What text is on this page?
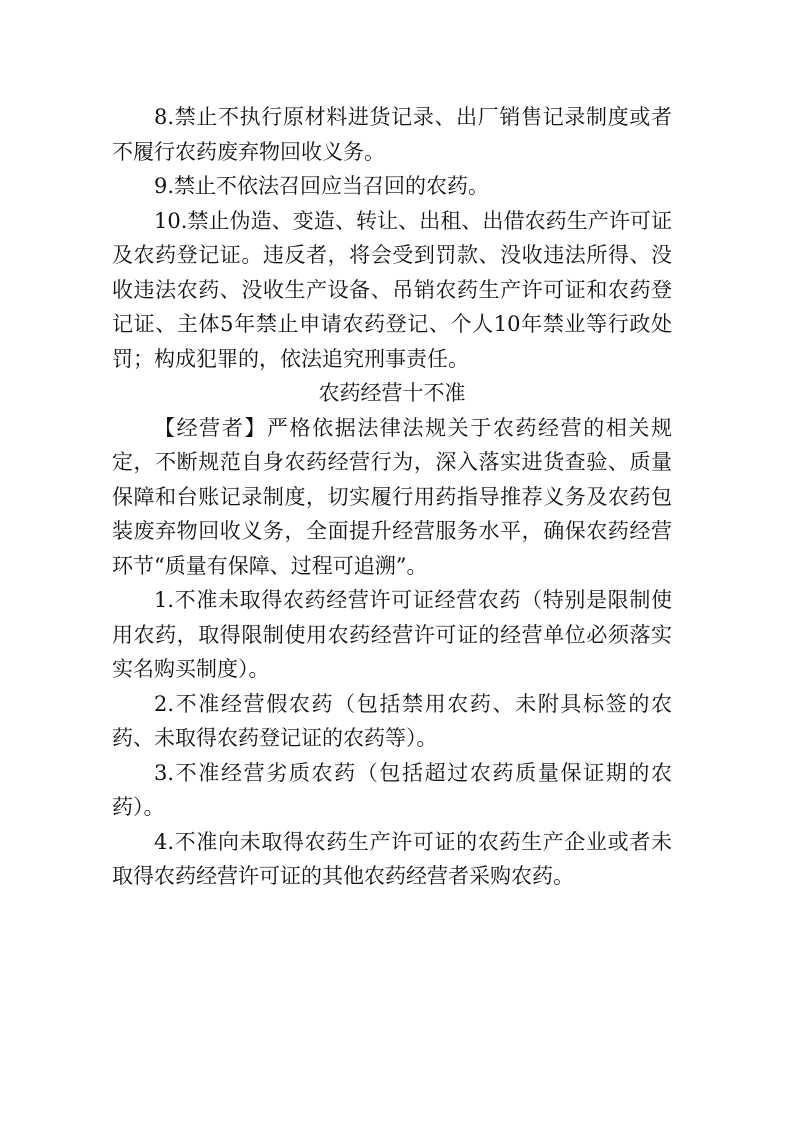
8.禁止不执行原材料进货记录、出厂销售记录制度或者不履行农药废弃物回收义务。

9.禁止不依法召回应当召回的农药。

10.禁止伪造、变造、转让、出租、出借农药生产许可证及农药登记证。违反者，将会受到罚款、没收违法所得、没收违法农药、没收生产设备、吊销农药生产许可证和农药登记证、主体5年禁止申请农药登记、个人10年禁业等行政处罚；构成犯罪的，依法追究刑事责任。

农药经营十不准

【经营者】严格依据法律法规关于农药经营的相关规定，不断规范自身农药经营行为，深入落实进货查验、质量保障和台账记录制度，切实履行用药指导推荐义务及农药包装废弃物回收义务，全面提升经营服务水平，确保农药经营环节“质量有保障、过程可追溯”。

1.不准未取得农药经营许可证经营农药（特别是限制使用农药，取得限制使用农药经营许可证的经营单位必须落实实名购买制度）。

2.不准经营假农药（包括禁用农药、未附具标签的农药、未取得农药登记证的农药等）。

3.不准经营劣质农药（包括超过农药质量保证期的农药）。

4.不准向未取得农药生产许可证的农药生产企业或者未取得农药经营许可证的其他农药经营者采购农药。
